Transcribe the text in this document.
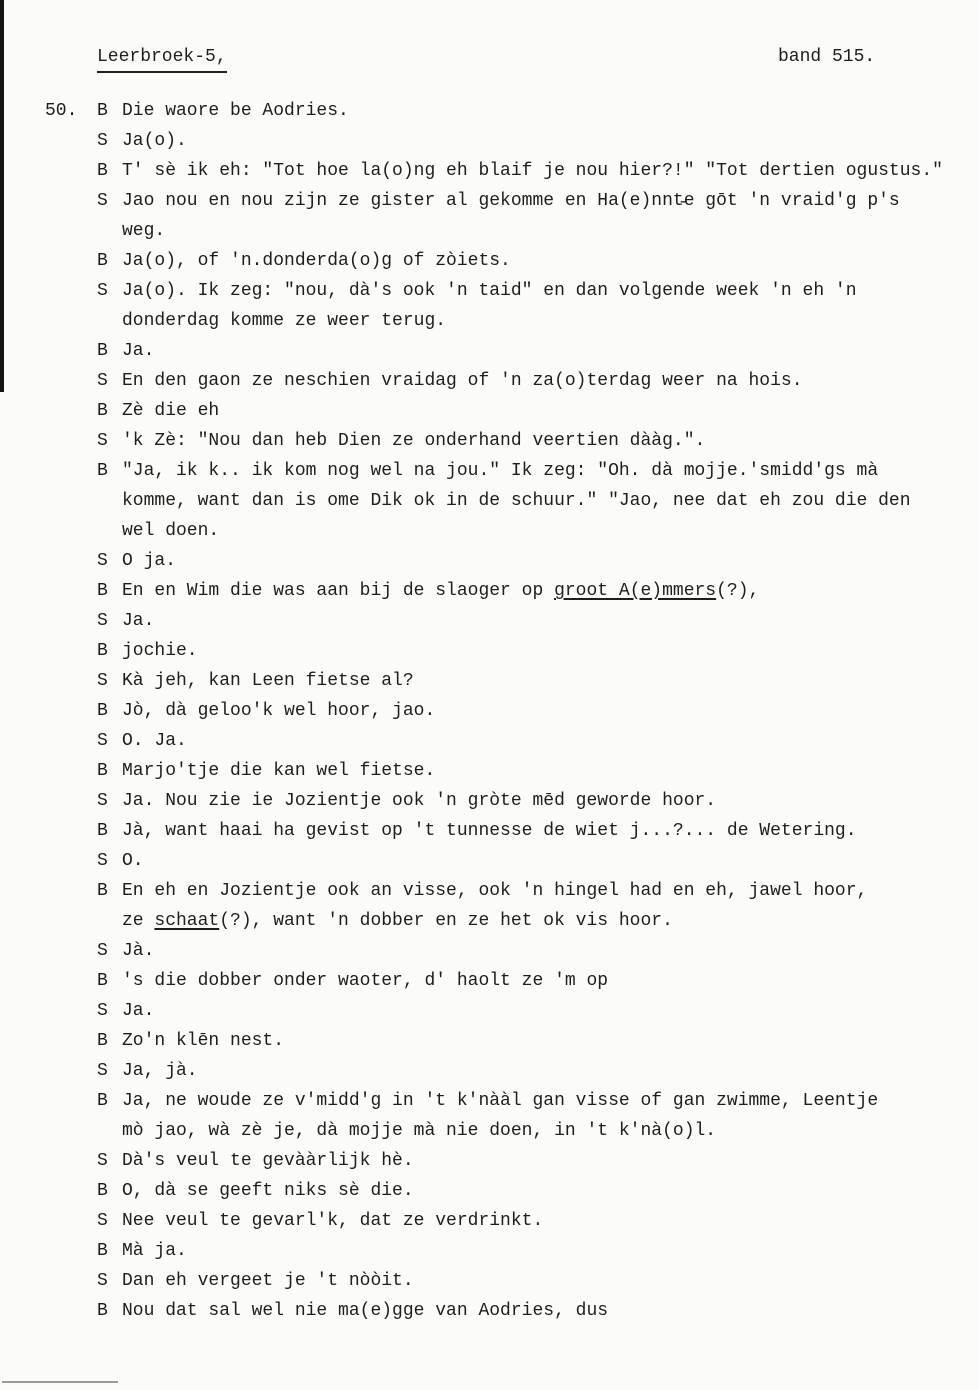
Leerbroek-5,	band 515.
50. B Die waore be Aodries.
S Ja(o).
B T' sè ik eh: "Tot hoe la(o)ng eh blaif je nou hier?!" "Tot dertien ogustus."
S Jao nou en nou zijn ze gister al gekomme en Ha(e)nnt̵e gōt 'n vraid'g p's
weg.
B Ja(o), of 'n.donderda(o)g of zòiets.
S Ja(o). Ik zeg: "nou, dà's ook 'n taid" en dan volgende week 'n eh 'n
donderdag komme ze weer terug.
B Ja.
S En den gaon ze neschien vraidag of 'n za(o)terdag weer na hois.
B Zè die eh
S 'k Zè: "Nou dan heb Dien ze onderhand veertien dààg.".
B "Ja, ik k.. ik kom nog wel na jou." Ik zeg: "Oh. dà mojje.'smidd'gs mà
komme, want dan is ome Dik ok in de schuur." "Jao, nee dat eh zou die den
wel doen.
S O ja.
B En en Wim die was aan bij de slaoger op groot A(e)mmers(?),
S Ja.
B jochie.
S Kà jeh, kan Leen fietse al?
B Jò, dà geloo'k wel hoor, jao.
S O. Ja.
B Marjo'tje die kan wel fietse.
S Ja. Nou zie ie Jozientje ook 'n gròte mēd geworde hoor.
B Jà, want haai ha gevist op 't tunnesse de wiet j...?... de Wetering.
S O.
B En eh en Jozientje ook an visse, ook 'n hingel had en eh, jawel hoor,
ze schaat(?), want 'n dobber en ze het ok vis hoor.
S Jà.
B 's die dobber onder waoter, d' haolt ze 'm op
S Ja.
B Zo'n klēn nest.
S Ja, jà.
B Ja, ne woude ze v'midd'g in 't k'nààl gan visse of gan zwimme, Leentje
mò jao, wà zè je, dà mojje mà nie doen, in 't k'nà(o)l.
S Dà's veul te gevààrlijk hè.
B O, dà se geeft niks sè die.
S Nee veul te gevarl'k, dat ze verdrinkt.
B Mà ja.
S Dan eh vergeet je 't nòòit.
B Nou dat sal wel nie ma(e)gge van Aodries, dus
